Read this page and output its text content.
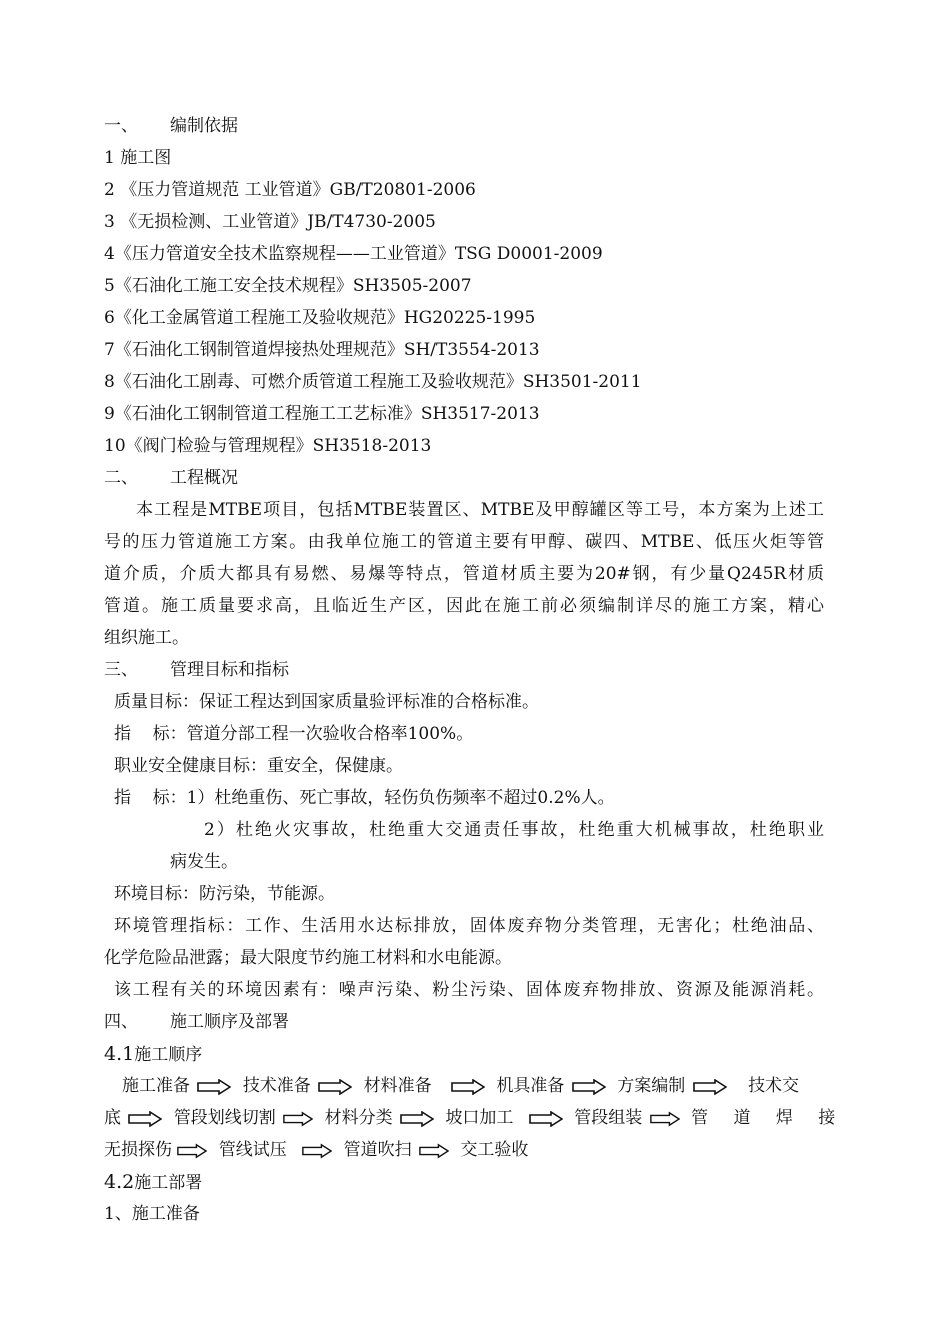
一、 编制依据
1 施工图
2 《压力管道规范 工业管道》GB/T20801-2006
3 《无损检测、工业管道》JB/T4730-2005
4《压力管道安全技术监察规程——工业管道》TSG D0001-2009
5《石油化工施工安全技术规程》SH3505-2007
6《化工金属管道工程施工及验收规范》HG20225-1995
7《石油化工钢制管道焊接热处理规范》SH/T3554-2013
8《石油化工剧毒、可燃介质管道工程施工及验收规范》SH3501-2011
9《石油化工钢制管道工程施工工艺标准》SH3517-2013
10《阀门检验与管理规程》SH3518-2013
二、 工程概况
本工程是MTBE项目，包括MTBE装置区、MTBE及甲醇罐区等工号，本方案为上述工
号的压力管道施工方案。由我单位施工的管道主要有甲醇、碳四、MTBE、低压火炬等管
道介质，介质大都具有易燃、易爆等特点，管道材质主要为20#钢，有少量Q245R材质
管道。施工质量要求高，且临近生产区，因此在施工前必须编制详尽的施工方案，精心
组织施工。
三、 管理目标和指标
质量目标：保证工程达到国家质量验评标准的合格标准。
指    标：管道分部工程一次验收合格率100%。
职业安全健康目标：重安全，保健康。
指    标：1）杜绝重伤、死亡事故，轻伤负伤频率不超过0.2%人。
2）杜绝火灾事故，杜绝重大交通责任事故，杜绝重大机械事故，杜绝职业
病发生。
环境目标：防污染，节能源。
环境管理指标：工作、生活用水达标排放，固体废弃物分类管理，无害化；杜绝油品、
化学危险品泄露；最大限度节约施工材料和水电能源。
该工程有关的环境因素有：噪声污染、粉尘污染、固体废弃物排放、资源及能源消耗。
四、 施工顺序及部署
4.1施工顺序
施工准备	技术准备	材料准备	机具准备	方案编制	技术交
底	管段划线切割	材料分类	坡口加工	管段组装	管 道 焊 接
无损探伤	管线试压	管道吹扫	交工验收
4.2施工部署
1、施工准备
